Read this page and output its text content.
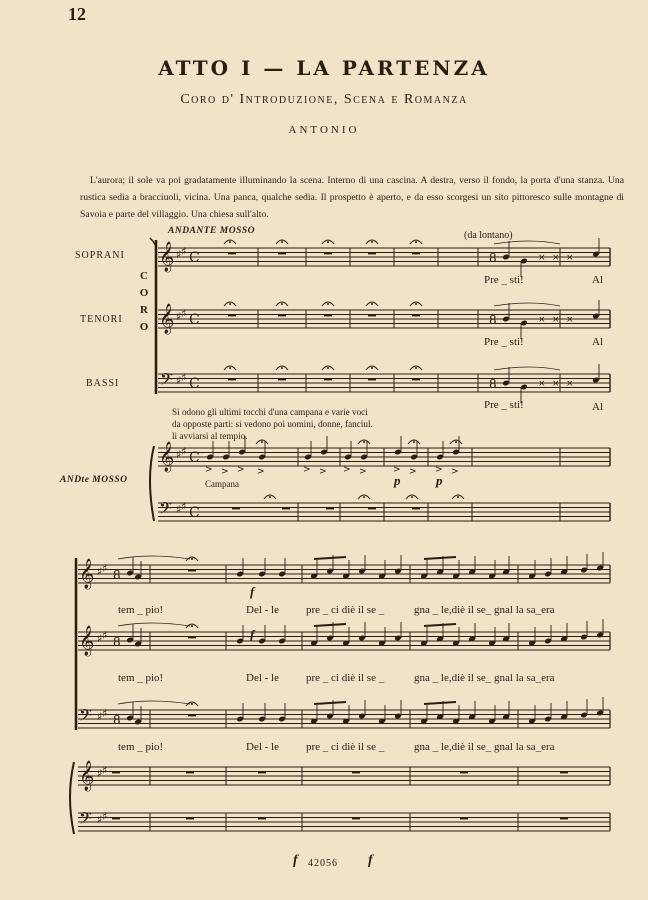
12
ATTO I — LA PARTENZA
Coro d' Introduzione, Scena e Romanza
ANTONIO
L'aurora; il sole va poi gradatamente illuminando la scena. Interno di una cascina. A destra, verso il fondo, la porta d'una stanza. Una rustica sedia a bracciuoli, vicina. Una panca, qualche sedia. Il prospetto è aperto, e da esso scorgesi un sito pittoresco sulle montagne di Savoia e parte del villaggio. Una chiesa sull'alto.
ANDANTE MOSSO	(da lontano)
SOPRANI
TENORI
BASSI
CORO
Pre _ sti!	Al
Pre _ sti!	Al
Pre _ sti!	Al
Si odono gli ultimi tocchi d'una campana e varie voci
da opposte parti: si vedono poi uomini, donne, fanciul.
li avviarsi al tempio.
ANDte MOSSO	Campana	p	p
f
f
tem _ pio!	Del - le pre _ ci diè il se _	gna _ le,diè il se_ gnal la sa_era
tem _ pio!	Del - le pre _ ci diè il se _	gna _ le,diè il se_ gnal la sa_era
tem _ pio!	Del - le pre _ ci diè il se _	gna _ le,diè il se_ gnal la sa_era
f 42056 f
𝄞 ♯ ♯ C	8	⨯ ⨯ ⨯
𝄞 ♯ ♯ C	8	⨯ ⨯ ⨯
𝄢 ♯ ♯ C	8	⨯ ⨯ ⨯
𝄞 ♯ ♯ C
𝄢 ♯ ♯ C
> > > >	> > > >	> > > >
𝄞 ♯ ♯
𝄞 ♯ ♯
𝄢 ♯ ♯
𝄞 ♯ ♯
𝄢 ♯ ♯
8
8
8
